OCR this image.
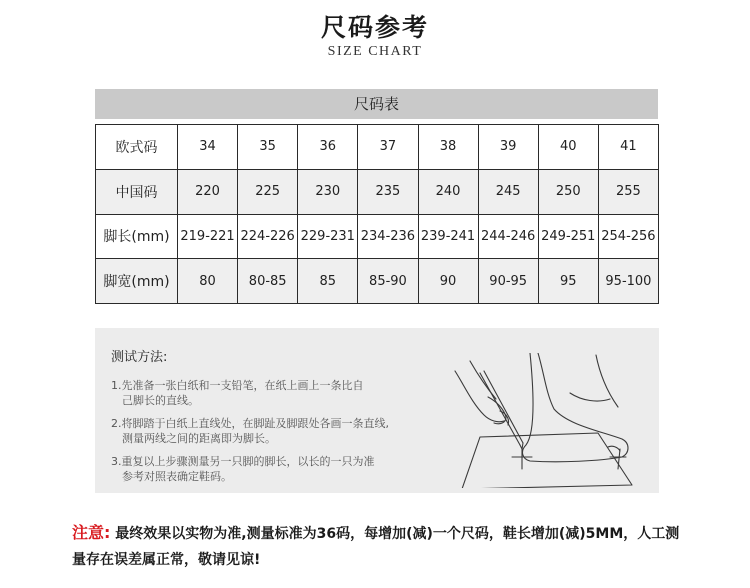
尺码参考
SIZE CHART
尺码表
欧式码	34	35	36	37	38	39	40	41
中国码	220	225	230	235	240	245	250	255
脚长(mm)	219-221	224-226	229-231	234-236	239-241	244-246	249-251	254-256
脚宽(mm)	80	80-85	85	85-90	90	90-95	95	95-100
测试方法:
1.先准备一张白纸和一支铅笔，在纸上画上一条比自
己脚长的直线。
2.将脚踏于白纸上直线处，在脚趾及脚跟处各画一条直线,
测量两线之间的距离即为脚长。
3.重复以上步骤测量另一只脚的脚长，以长的一只为准
参考对照表确定鞋码。
注意: 最终效果以实物为准,测量标准为36码，每增加(减)一个尺码，鞋长增加(减)5MM，人工测量存在误差属正常，敬请见谅!
